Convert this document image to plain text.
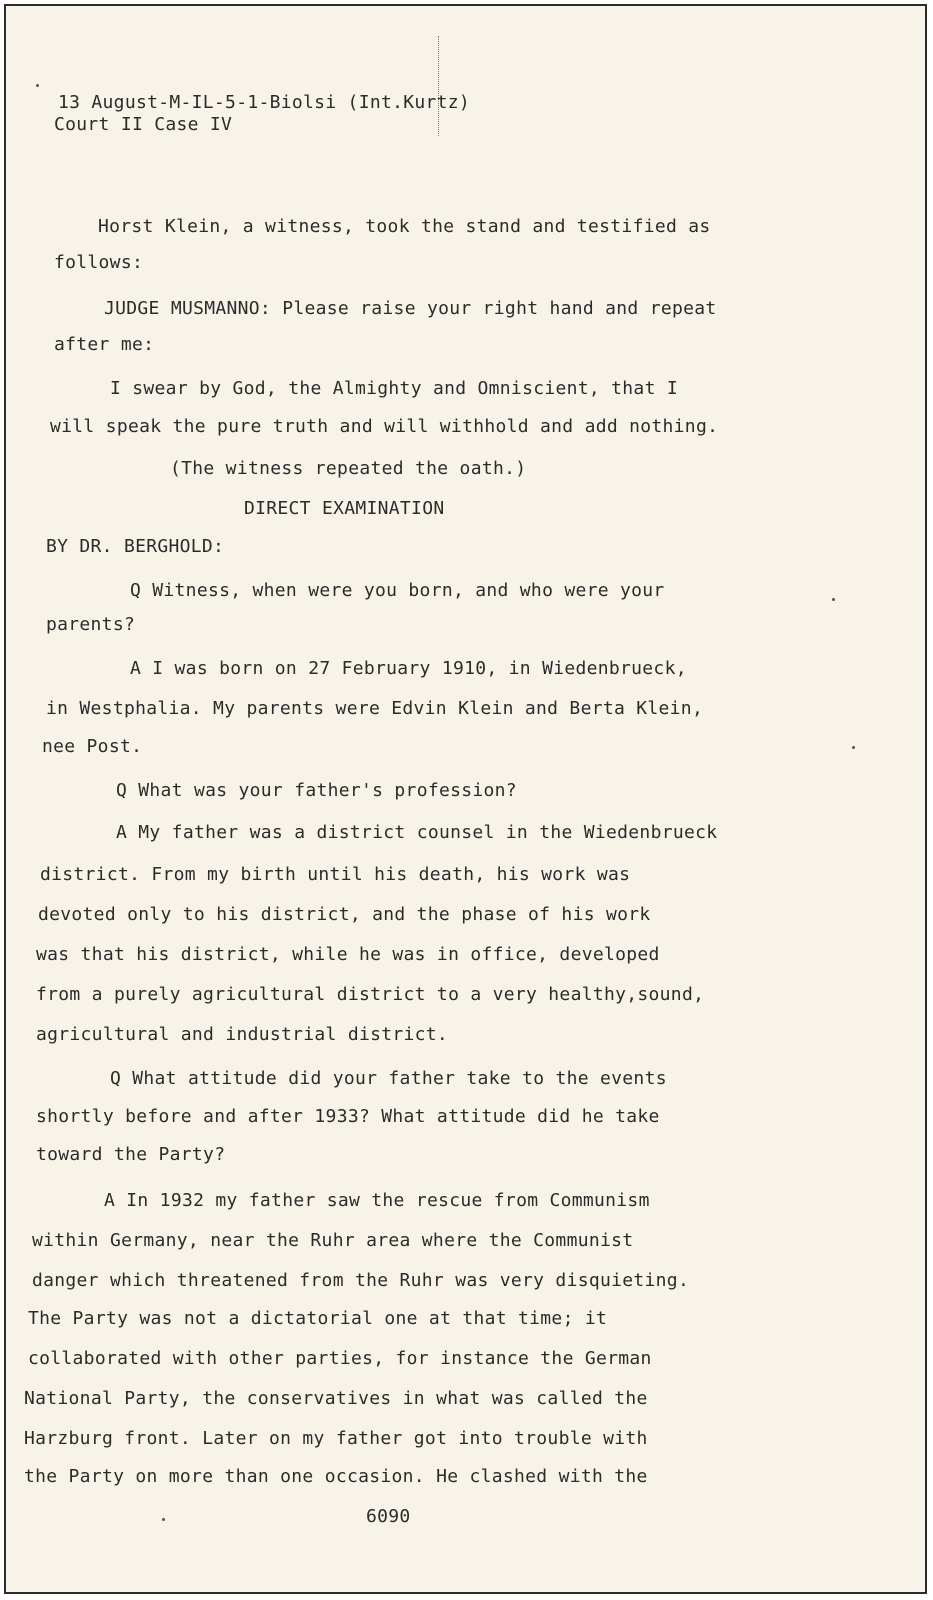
13 August-M-IL-5-1-Biolsi (Int.Kurtz)
Court II Case IV
Horst Klein, a witness, took the stand and testified as
follows:
JUDGE MUSMANNO: Please raise your right hand and repeat
after me:
I swear by God, the Almighty and Omniscient, that I
will speak the pure truth and will withhold and add nothing.
(The witness repeated the oath.)
DIRECT EXAMINATION
BY DR. BERGHOLD:
Q Witness, when were you born, and who were your
parents?
A I was born on 27 February 1910, in Wiedenbrueck,
in Westphalia. My parents were Edvin Klein and Berta Klein,
nee Post.
Q What was your father's profession?
A My father was a district counsel in the Wiedenbrueck
district. From my birth until his death, his work was
devoted only to his district, and the phase of his work
was that his district, while he was in office, developed
from a purely agricultural district to a very healthy,sound,
agricultural and industrial district.
Q What attitude did your father take to the events
shortly before and after 1933? What attitude did he take
toward the Party?
A In 1932 my father saw the rescue from Communism
within Germany, near the Ruhr area where the Communist
danger which threatened from the Ruhr was very disquieting.
The Party was not a dictatorial one at that time; it
collaborated with other parties, for instance the German
National Party, the conservatives in what was called the
Harzburg front. Later on my father got into trouble with
the Party on more than one occasion. He clashed with the
6090
